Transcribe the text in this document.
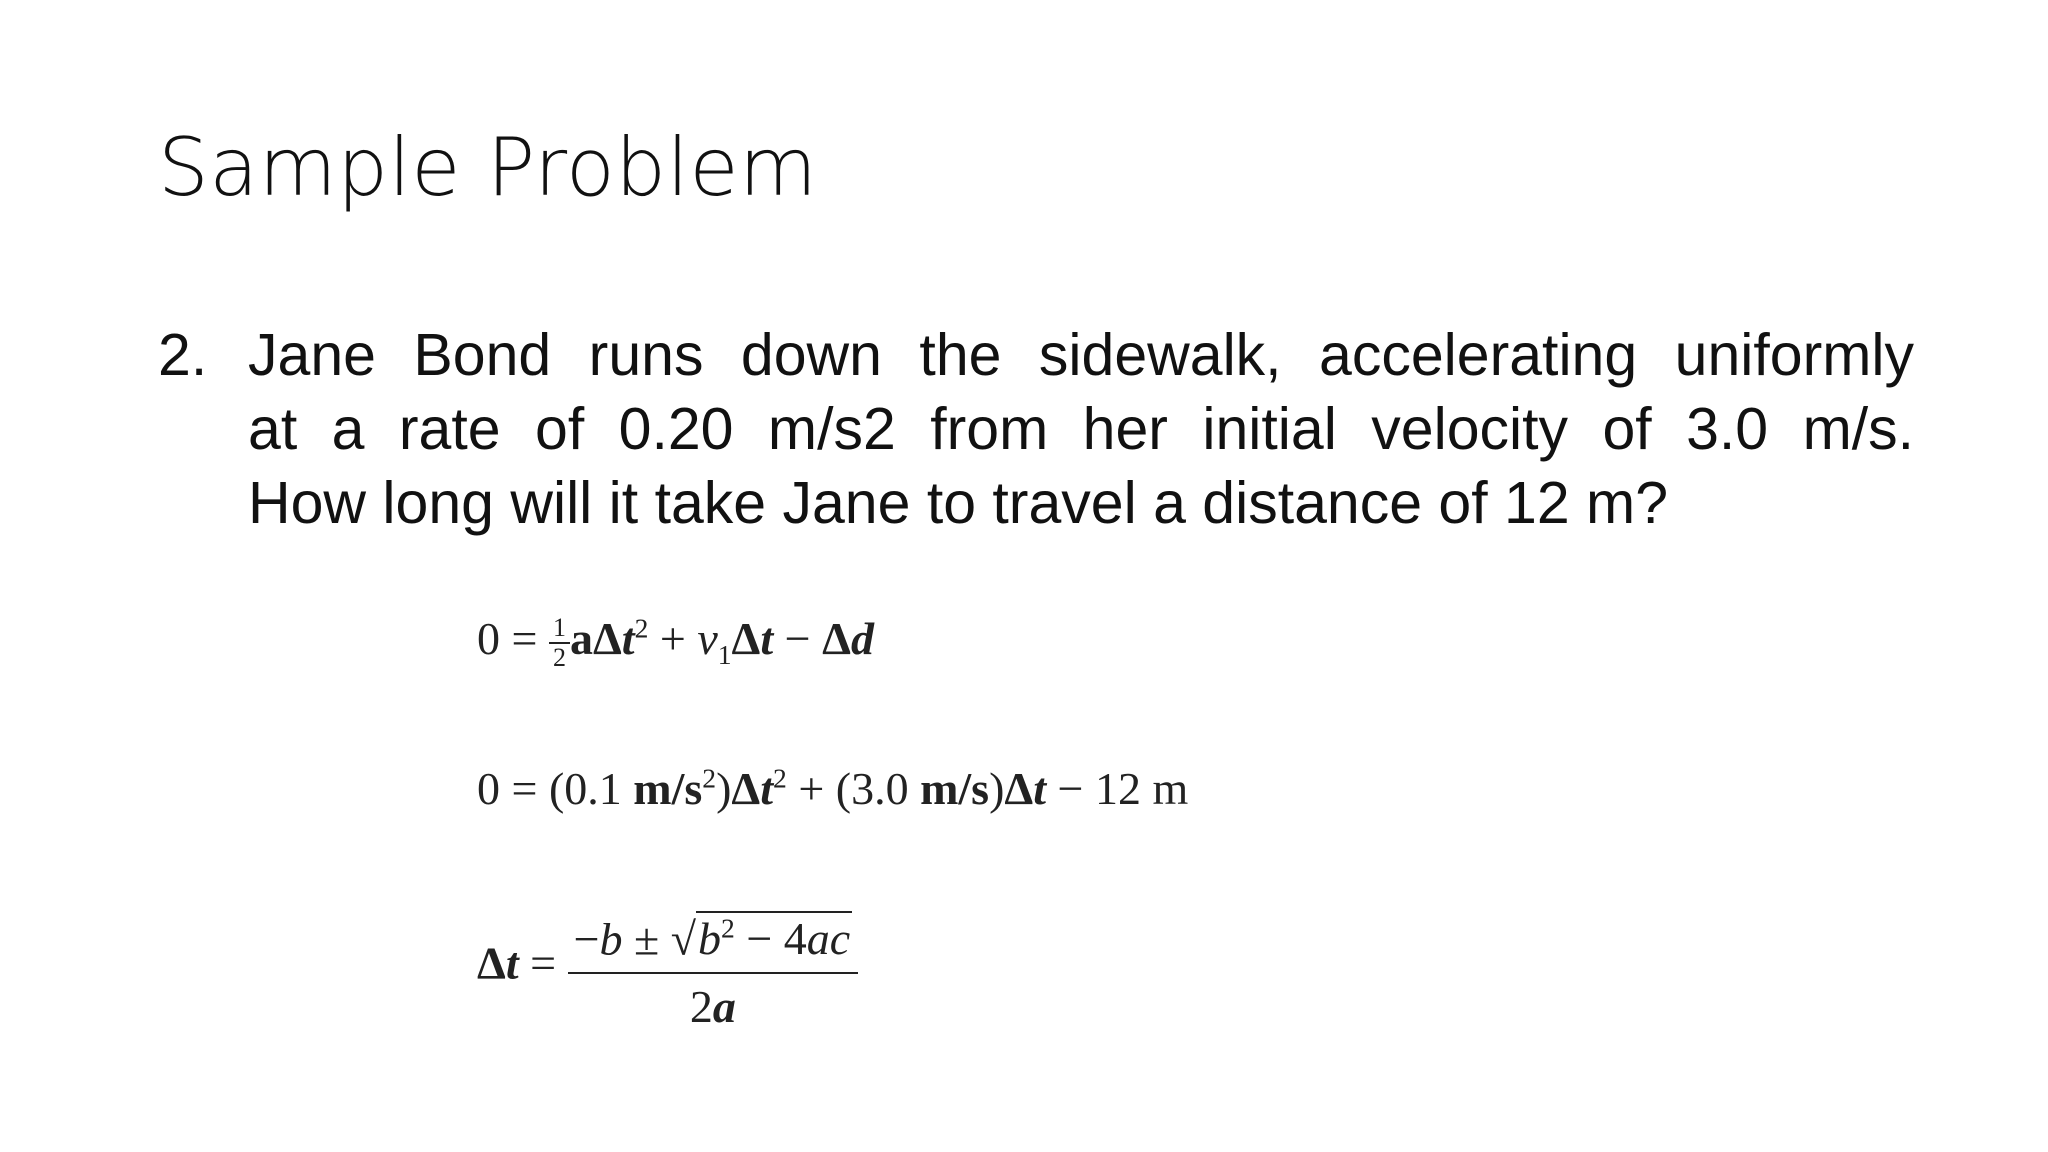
Sample Problem
2. Jane Bond runs down the sidewalk, accelerating uniformly
at a rate of 0.20 m/s2 from her initial velocity of 3.0 m/s.
How long will it take Jane to travel a distance of 12 m?
$0 = \frac{1}{2} a\Delta t^2 + v_1\Delta t - \Delta d$
0 = (0.1 $m/s^2)\Delta t^2 + (3.0$ m/s)Δt − 12 m
$\Delta t = \frac{-b \pm √b^2 - 4ac}{2a}$
